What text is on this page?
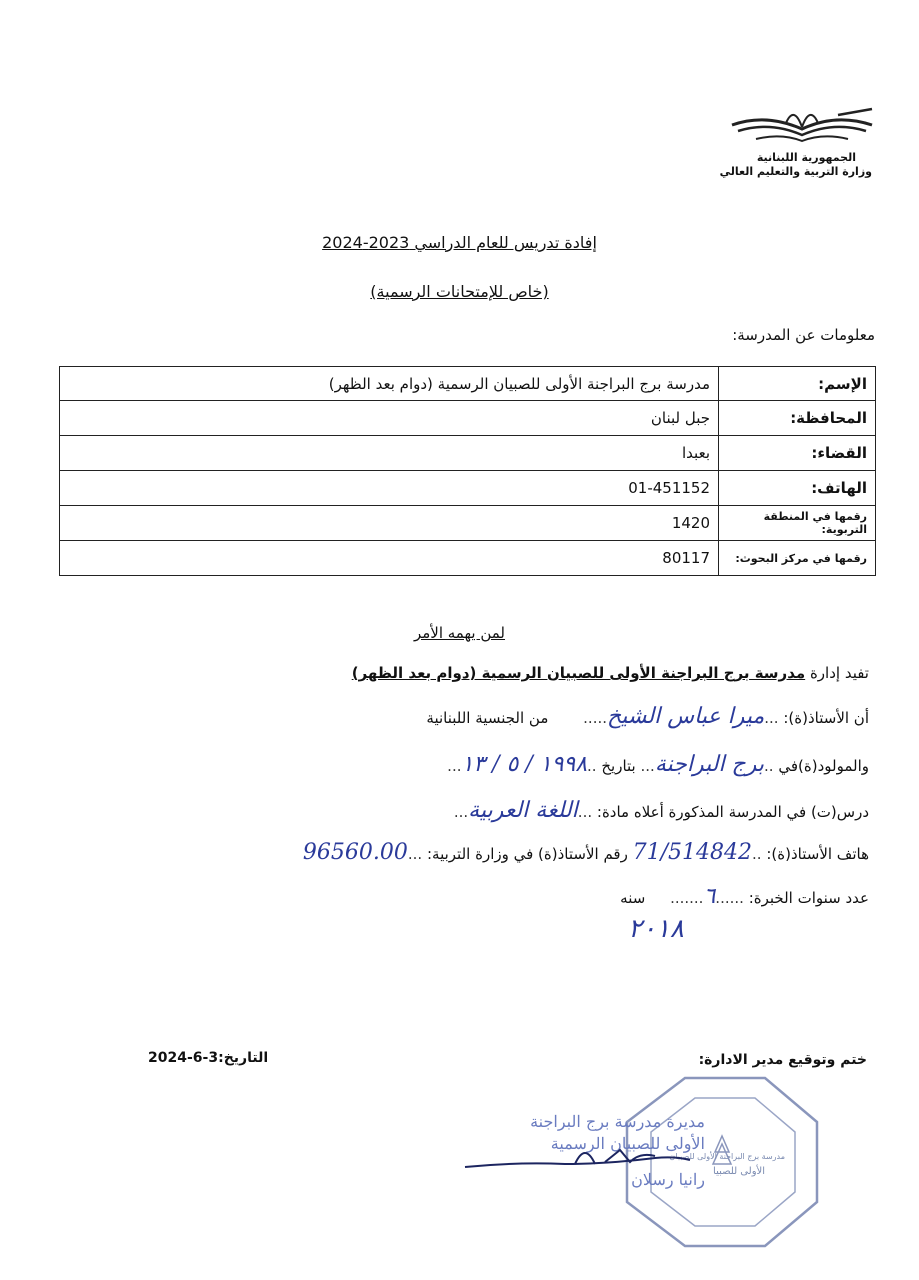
الجمهورية اللبنانية
وزارة التربية والتعليم العالي
إفادة تدريس للعام الدراسي 2023-2024
(خاص للإمتحانات الرسمية)
معلومات عن المدرسة:
الإسم:	مدرسة برج البراجنة الأولى للصبيان الرسمية (دوام بعد الظهر)
المحافظة:	جبل لبنان
القضاء:	بعبدا
الهاتف:	01-451152
رقمها في المنطقة التربوية:	1420
رقمها في مركز البحوث:	80117
لمن يهمه الأمر
تفيد إدارة مدرسة برج البراجنة الأولى للصبيان الرسمية (دوام بعد الظهر)
أن الأستاذ(ة): ...ميرا عباس الشيخ..... من الجنسية اللبنانية
والمولود(ة)في ..برج البراجنة... بتاريخ ..١٩٩٨ / ٥ / ١٣...
درس(ت) في المدرسة المذكورة أعلاه مادة: ...اللغة العربية...
هاتف الأستاذ(ة): ..71/514842 رقم الأستاذ(ة) في وزارة التربية: ...96560.00
عدد سنوات الخبرة: ......٦....... سنه
٢٠١٨
ختم وتوقيع مدير الادارة:
التاريخ:3-6-2024
الأولى للصبيا
مدرسة برج البراجنة الأولى للصبيان
مديرة مدرسة برج البراجنة
الأولى للصبيان الرسمية
رانيا رسلان
